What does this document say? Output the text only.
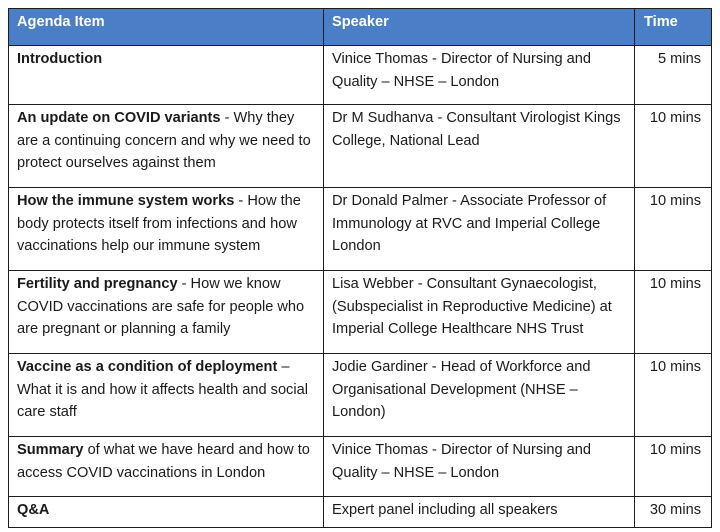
Agenda Item	Speaker	Time
Introduction	Vinice Thomas - Director of Nursing and Quality – NHSE – London	5 mins
An update on COVID variants - Why they are a continuing concern and why we need to protect ourselves against them	Dr M Sudhanva - Consultant Virologist Kings College, National Lead	10 mins
How the immune system works - How the body protects itself from infections and how vaccinations help our immune system	Dr Donald Palmer - Associate Professor of Immunology at RVC and Imperial College London	10 mins
Fertility and pregnancy - How we know COVID vaccinations are safe for people who are pregnant or planning a family	Lisa Webber - Consultant Gynaecologist, (Subspecialist in Reproductive Medicine) at Imperial College Healthcare NHS Trust	10 mins
Vaccine as a condition of deployment – What it is and how it affects health and social care staff	Jodie Gardiner - Head of Workforce and Organisational Development (NHSE – London)	10 mins
Summary of what we have heard and how to access COVID vaccinations in London	Vinice Thomas - Director of Nursing and Quality – NHSE – London	10 mins
Q&A	Expert panel including all speakers	30 mins
